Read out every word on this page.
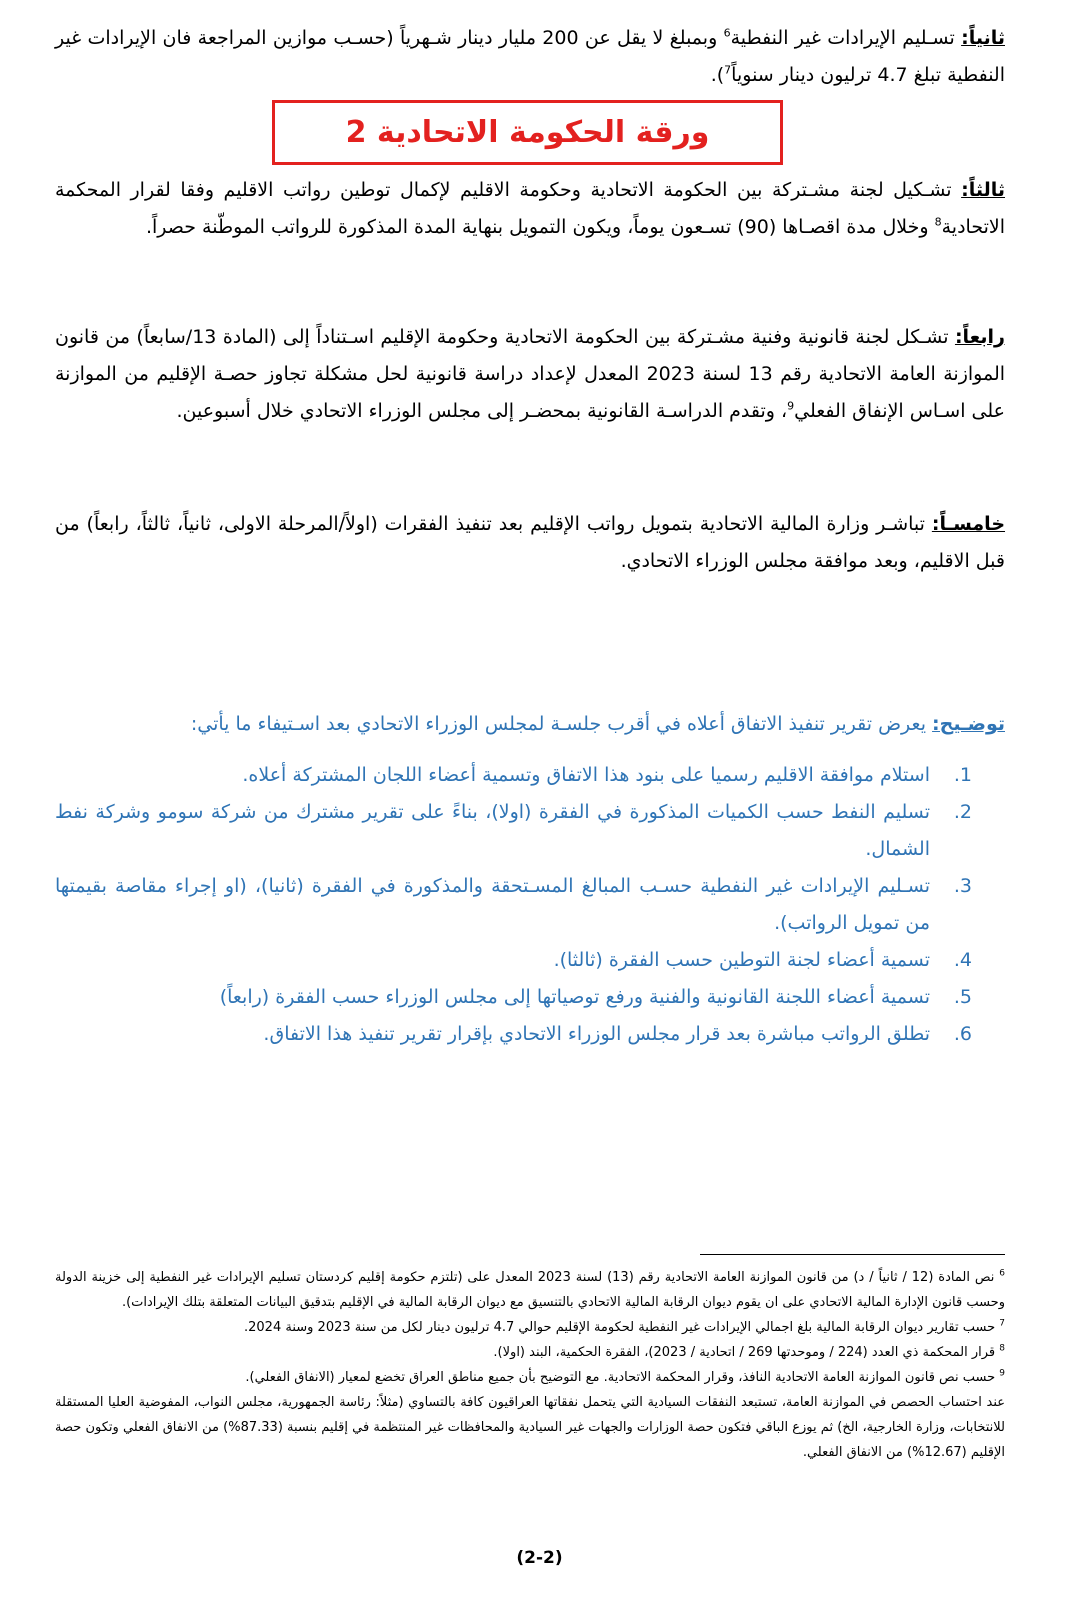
ثانياً: تسـليم الإيرادات غير النفطية$^6$ وبمبلغ لا يقل عن 200 مليار دينار شـهرياً (حسـب موازين المراجعة فان الإيرادات غير النفطية تبلغ 4.7 ترليون دينار سنوياً$^7$).

ورقة الحكومة الاتحادية 2

ثالثاً: تشـكيل لجنة مشـتركة بين الحكومة الاتحادية وحكومة الاقليم لإكمال توطين رواتب الاقليم وفقا لقرار المحكمة الاتحادية$^8$ وخلال مدة اقصـاها (90) تسـعون يوماً، ويكون التمويل بنهاية المدة المذكورة للرواتب الموطّنة حصراً.

رابعاً: تشـكل لجنة قانونية وفنية مشـتركة بين الحكومة الاتحادية وحكومة الإقليم اسـتناداً إلى (المادة 13/سابعاً) من قانون الموازنة العامة الاتحادية رقم 13 لسنة 2023 المعدل لإعداد دراسة قانونية لحل مشكلة تجاوز حصـة الإقليم من الموازنة على اسـاس الإنفاق الفعلي$^9$، وتقدم الدراسـة القانونية بمحضـر إلى مجلس الوزراء الاتحادي خلال أسبوعين.

خامسـاً: تباشـر وزارة المالية الاتحادية بتمويل رواتب الإقليم بعد تنفيذ الفقرات (اولاً/المرحلة الاولى، ثانياً، ثالثاً، رابعاً) من قبل الاقليم، وبعد موافقة مجلس الوزراء الاتحادي.

توضـيح: يعرض تقرير تنفيذ الاتفاق أعلاه في أقرب جلسـة لمجلس الوزراء الاتحادي بعد اسـتيفاء ما يأتي:

1.
استلام موافقة الاقليم رسميا على بنود هذا الاتفاق وتسمية أعضاء اللجان المشتركة أعلاه.
2.
تسليم النفط حسب الكميات المذكورة في الفقرة (اولا)، بناءً على تقرير مشترك من شركة سومو وشركة نفط الشمال.
3.
تسـليم الإيرادات غير النفطية حسـب المبالغ المسـتحقة والمذكورة في الفقرة (ثانيا)، (او إجراء مقاصة بقيمتها من تمويل الرواتب).
4.
تسمية أعضاء لجنة التوطين حسب الفقرة (ثالثا).
5.
تسمية أعضاء اللجنة القانونية والفنية ورفع توصياتها إلى مجلس الوزراء حسب الفقرة (رابعاً)
6.
تطلق الرواتب مباشرة بعد قرار مجلس الوزراء الاتحادي بإقرار تقرير تنفيذ هذا الاتفاق.

$^6$ نص المادة (12 / ثانياً / د) من قانون الموازنة العامة الاتحادية رقم (13) لسنة 2023 المعدل على (تلتزم حكومة إقليم كردستان تسليم الإيرادات غير النفطية إلى خزينة الدولة وحسب قانون الإدارة المالية الاتحادي على ان يقوم ديوان الرقابة المالية الاتحادي بالتنسيق مع ديوان الرقابة المالية في الإقليم بتدقيق البيانات المتعلقة بتلك الإيرادات).

$^7$ حسب تقارير ديوان الرقابة المالية بلغ اجمالي الإيرادات غير النفطية لحكومة الإقليم حوالي 4.7 ترليون دينار لكل من سنة 2023 وسنة 2024.

$^8$ قرار المحكمة ذي العدد (224 / وموحدتها 269 / اتحادية / 2023)، الفقرة الحكمية، البند (اولا).

$^9$ حسب نص قانون الموازنة العامة الاتحادية النافذ، وقرار المحكمة الاتحادية. مع التوضيح بأن جميع مناطق العراق تخضع لمعيار (الانفاق الفعلي).

عند احتساب الحصص في الموازنة العامة، تستبعد النفقات السيادية التي يتحمل نفقاتها العراقيون كافة بالتساوي (مثلاً: رئاسة الجمهورية، مجلس النواب، المفوضية العليا المستقلة للانتخابات، وزارة الخارجية، الخ) ثم يوزع الباقي فتكون حصة الوزارات والجهات غير السيادية والمحافظات غير المنتظمة في إقليم بنسبة (87.33%) من الانفاق الفعلي وتكون حصة الإقليم (12.67%) من الانفاق الفعلي.

(2-2)
